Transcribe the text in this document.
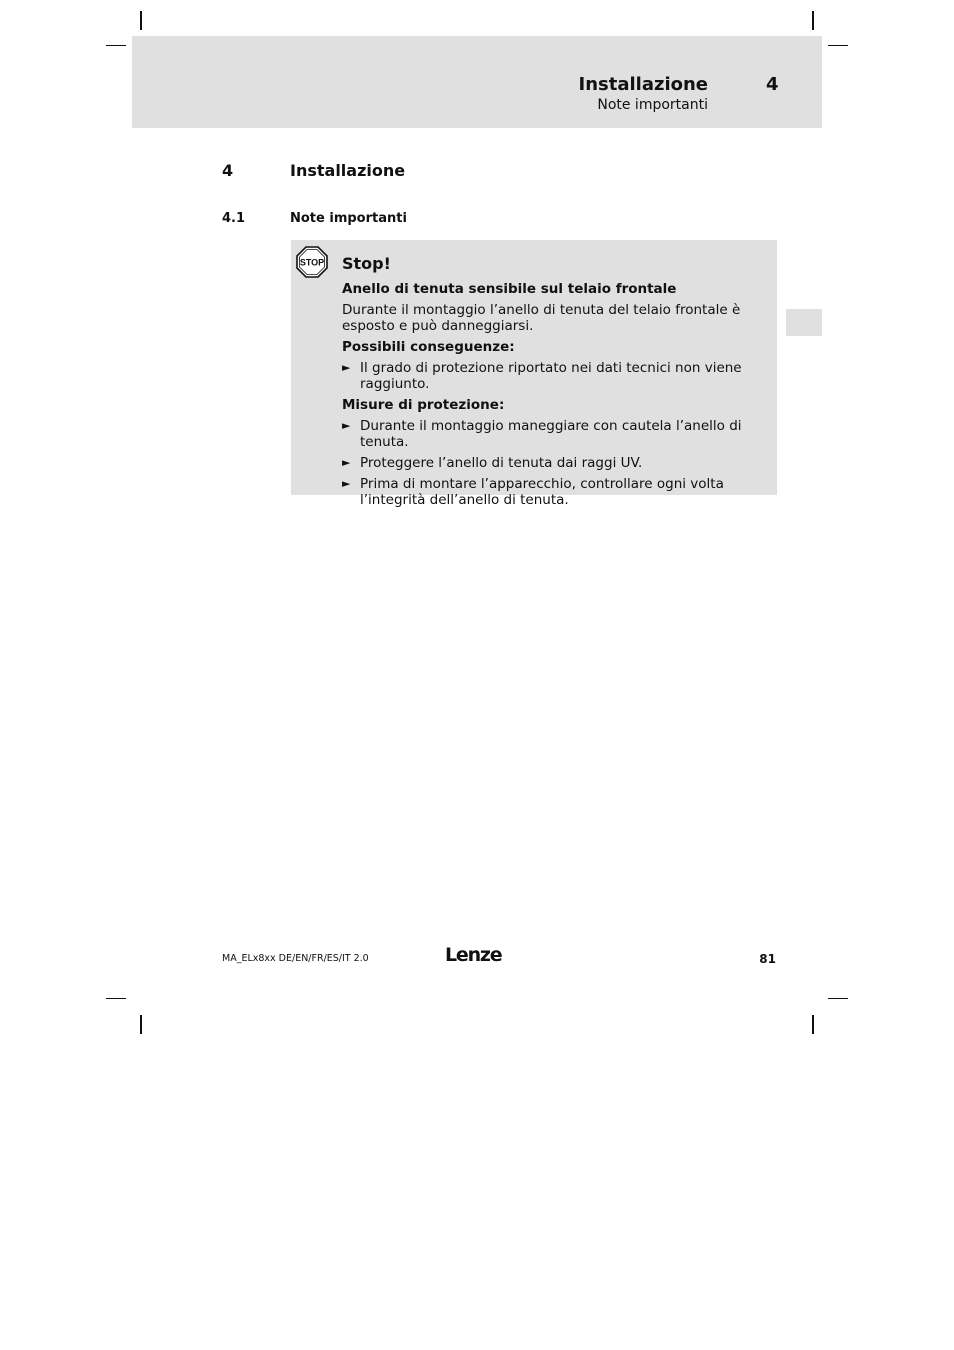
Installazione	4
Note importanti
4	Installazione
4.1	Note importanti
STOP Stop!
Anello di tenuta sensibile sul telaio frontale
Durante il montaggio l’anello di tenuta del telaio frontale è esposto e può danneggiarsi.
Possibili conseguenze:
► Il grado di protezione riportato nei dati tecnici non viene raggiunto.
Misure di protezione:
► Durante il montaggio maneggiare con cautela l’anello di tenuta.
► Proteggere l’anello di tenuta dai raggi UV.
► Prima di montare l’apparecchio, controllare ogni volta l’integrità dell’anello di tenuta.
MA_ELx8xx DE/EN/FR/ES/IT 2.0	Lenze	81
